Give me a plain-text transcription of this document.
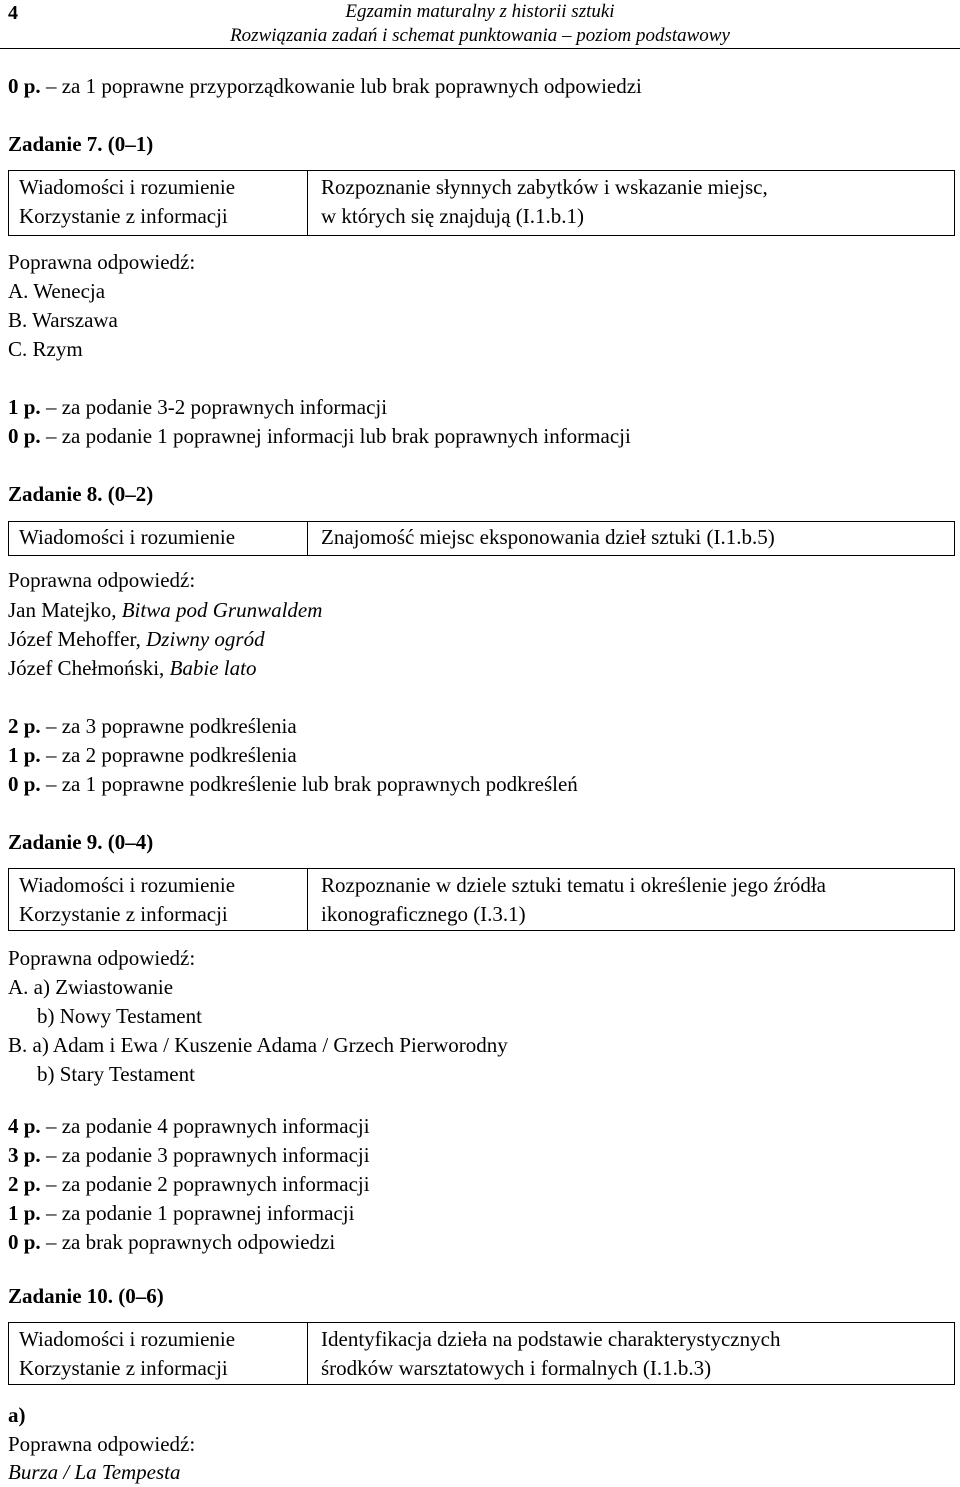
4	Egzamin maturalny z historii sztuki
Rozwiązania zadań i schemat punktowania – poziom podstawowy
0 p. – za 1 poprawne przyporządkowanie lub brak poprawnych odpowiedzi
Zadanie 7. (0–1)
Wiadomości i rozumienie
Korzystanie z informacji
Rozpoznanie słynnych zabytków i wskazanie miejsc,
w których się znajdują (I.1.b.1)
Poprawna odpowiedź:
A. Wenecja
B. Warszawa
C. Rzym
1 p. – za podanie 3-2 poprawnych informacji
0 p. – za podanie 1 poprawnej informacji lub brak poprawnych informacji
Zadanie 8. (0–2)
Wiadomości i rozumienie	Znajomość miejsc eksponowania dzieł sztuki (I.1.b.5)
Poprawna odpowiedź:
Jan Matejko, Bitwa pod Grunwaldem
Józef Mehoffer, Dziwny ogród
Józef Chełmoński, Babie lato
2 p. – za 3 poprawne podkreślenia
1 p. – za 2 poprawne podkreślenia
0 p. – za 1 poprawne podkreślenie lub brak poprawnych podkreśleń
Zadanie 9. (0–4)
Wiadomości i rozumienie
Korzystanie z informacji
Rozpoznanie w dziele sztuki tematu i określenie jego źródła
ikonograficznego (I.3.1)
Poprawna odpowiedź:
A. a) Zwiastowanie
b) Nowy Testament
B. a) Adam i Ewa / Kuszenie Adama / Grzech Pierworodny
b) Stary Testament
4 p. – za podanie 4 poprawnych informacji
3 p. – za podanie 3 poprawnych informacji
2 p. – za podanie 2 poprawnych informacji
1 p. – za podanie 1 poprawnej informacji
0 p. – za brak poprawnych odpowiedzi
Zadanie 10. (0–6)
Wiadomości i rozumienie
Korzystanie z informacji
Identyfikacja dzieła na podstawie charakterystycznych
środków warsztatowych i formalnych (I.1.b.3)
a)
Poprawna odpowiedź:
Burza / La Tempesta
